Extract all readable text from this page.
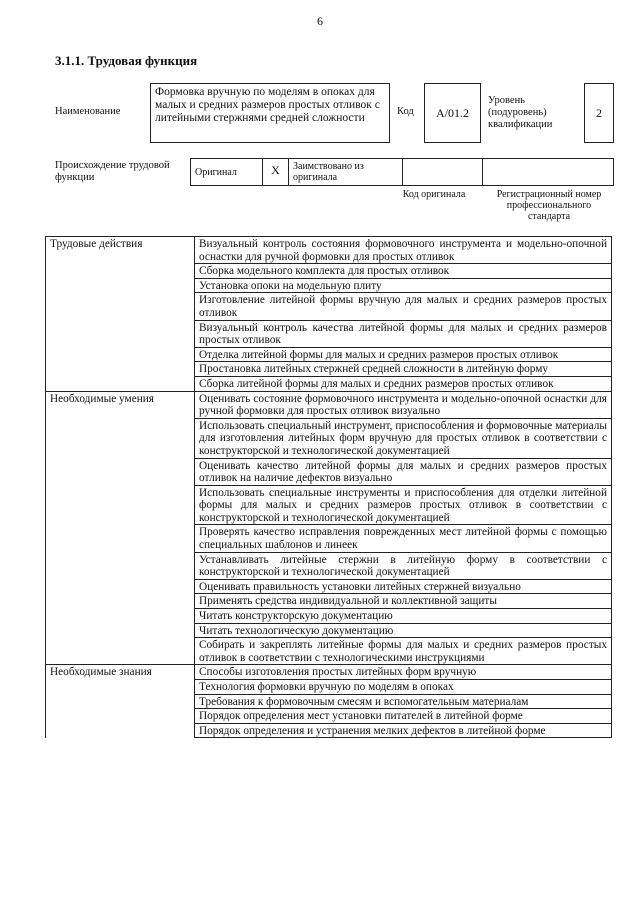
6
3.1.1. Трудовая функция
Наименование
Формовка вручную по моделям в опоках для малых и средних размеров простых отливок с литейными стержнями средней сложности
Код A/01.2
Уровень (подуровень) квалификации
2
Происхождение трудовой функции	Оригинал	X	Заимствовано из оригинала
Код оригинала	Регистрационный номер профессионального стандарта
Трудовые действия	Визуальный контроль состояния формовочного инструмента и модельно-опочной оснастки для ручной формовки для простых отливок
	Сборка модельного комплекта для простых отливок
	Установка опоки на модельную плиту
	Изготовление литейной формы вручную для малых и средних размеров простых отливок
	Визуальный контроль качества литейной формы для малых и средних размеров простых отливок
	Отделка литейной формы для малых и средних размеров простых отливок
	Простановка литейных стержней средней сложности в литейную форму
	Сборка литейной формы для малых и средних размеров простых отливок
Необходимые умения	Оценивать состояние формовочного инструмента и модельно-опочной оснастки для ручной формовки для простых отливок визуально
	Использовать специальный инструмент, приспособления и формовочные материалы для изготовления литейных форм вручную для простых отливок в соответствии с конструкторской и технологической документацией
	Оценивать качество литейной формы для малых и средних размеров простых отливок на наличие дефектов визуально
	Использовать специальные инструменты и приспособления для отделки литейной формы для малых и средних размеров простых отливок в соответствии с конструкторской и технологической документацией
	Проверять качество исправления поврежденных мест литейной формы с помощью специальных шаблонов и линеек
	Устанавливать литейные стержни в литейную форму в соответствии с конструкторской и технологической документацией
	Оценивать правильность установки литейных стержней визуально
	Применять средства индивидуальной и коллективной защиты
	Читать конструкторскую документацию
	Читать технологическую документацию
	Собирать и закреплять литейные формы для малых и средних размеров простых отливок в соответствии с технологическими инструкциями
Необходимые знания	Способы изготовления простых литейных форм вручную
	Технология формовки вручную по моделям в опоках
	Требования к формовочным смесям и вспомогательным материалам
	Порядок определения мест установки питателей в литейной форме
	Порядок определения и устранения мелких дефектов в литейной форме
